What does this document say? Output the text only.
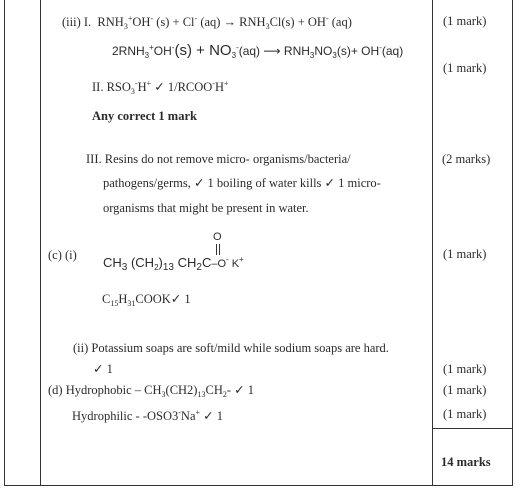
(iii) I. $RNH_3^+OH^-$ (s) + Cl- $(aq) \to RNH_3Cl(s) + OH^-$ (aq)	(1 mark)
$2RNH_3^+OH^-(s) + NO_3^-(aq)$ ⟶ $RNH_3NO_3(s)+ OH^-(aq)$
(1 mark)
II. $RSO_3^-H^+$ ✓ 1/RCOO-H+
Any correct 1 mark
III. Resins do not remove micro- organisms/bacteria/	(2 marks)
pathogens/germs, ✓ 1 boiling of water kills ✓ 1 micro-
organisms that might be present in water.
(c) (i)	(1 mark)
O
$CH_3$ $(CH_2)_{13}$ $CH_2C-O^-$ K+
$C_{15}H_{31}COOK✓$ 1
(ii) Potassium soaps are soft/mild while sodium soaps are hard.
✓ 1	(1 mark)
(d) Hydrophobic – $CH_3(CH2)_{13}CH_2-$ ✓ 1	(1 mark)
Hydrophilic - -OSO3-Na+ ✓ 1	(1 mark)
14 marks
